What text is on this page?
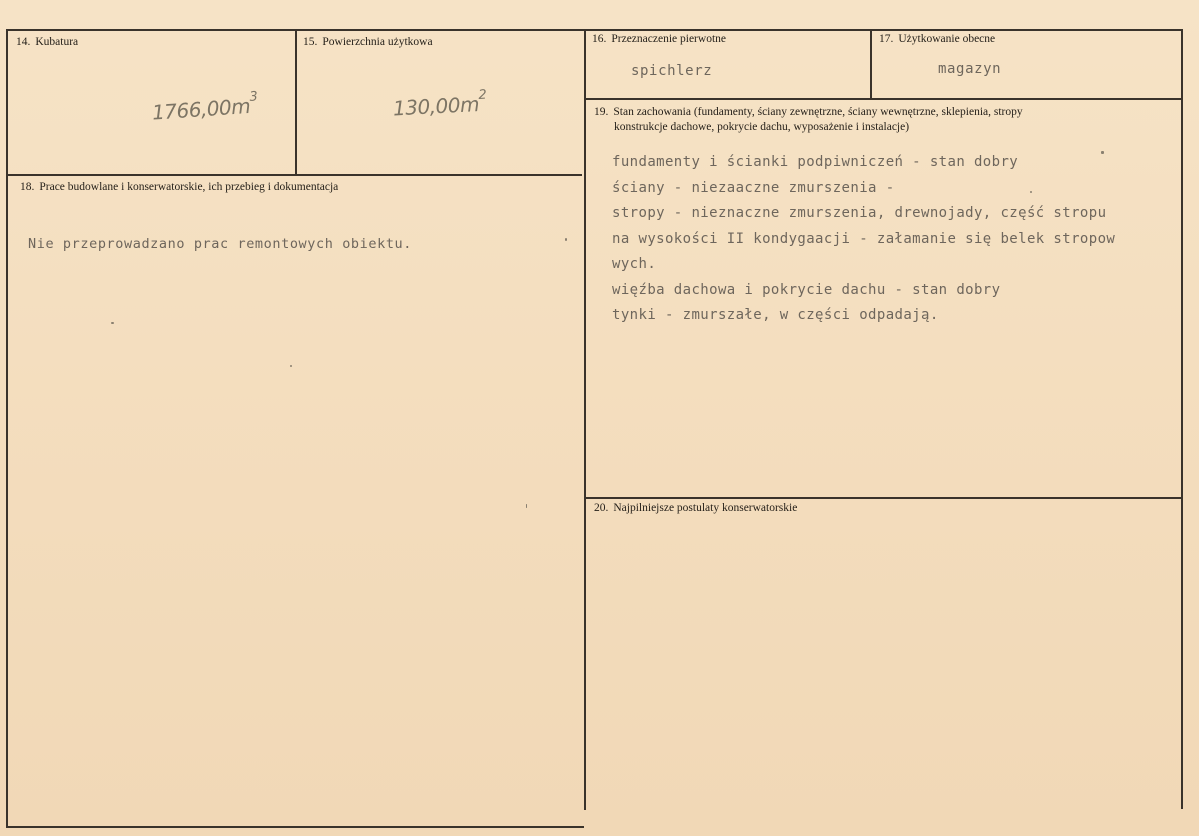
14. Kubatura
$1766,00m^3$
15. Powierzchnia użytkowa
$130,00m^2$
16. Przeznaczenie pierwotne
spichlerz
17. Użytkowanie obecne
magazyn
18. Prace budowlane i konserwatorskie, ich przebieg i dokumentacja
Nie przeprowadzano prac remontowych obiektu.
19. Stan zachowania (fundamenty, ściany zewnętrzne, ściany wewnętrzne, sklepienia, stropy
konstrukcje dachowe, pokrycie dachu, wyposażenie i instalacje)
fundamenty i ścianki podpiwniczeń - stan dobry
ściany - niezaaczne zmurszenia -
stropy - nieznaczne zmurszenia, drewnojady, część stropu
na wysokości II kondygaacji - załamanie się belek stropow
wych.
więźba dachowa i pokrycie dachu - stan dobry
tynki - zmurszałe, w części odpadają.
20. Najpilniejsze postulaty konserwatorskie
